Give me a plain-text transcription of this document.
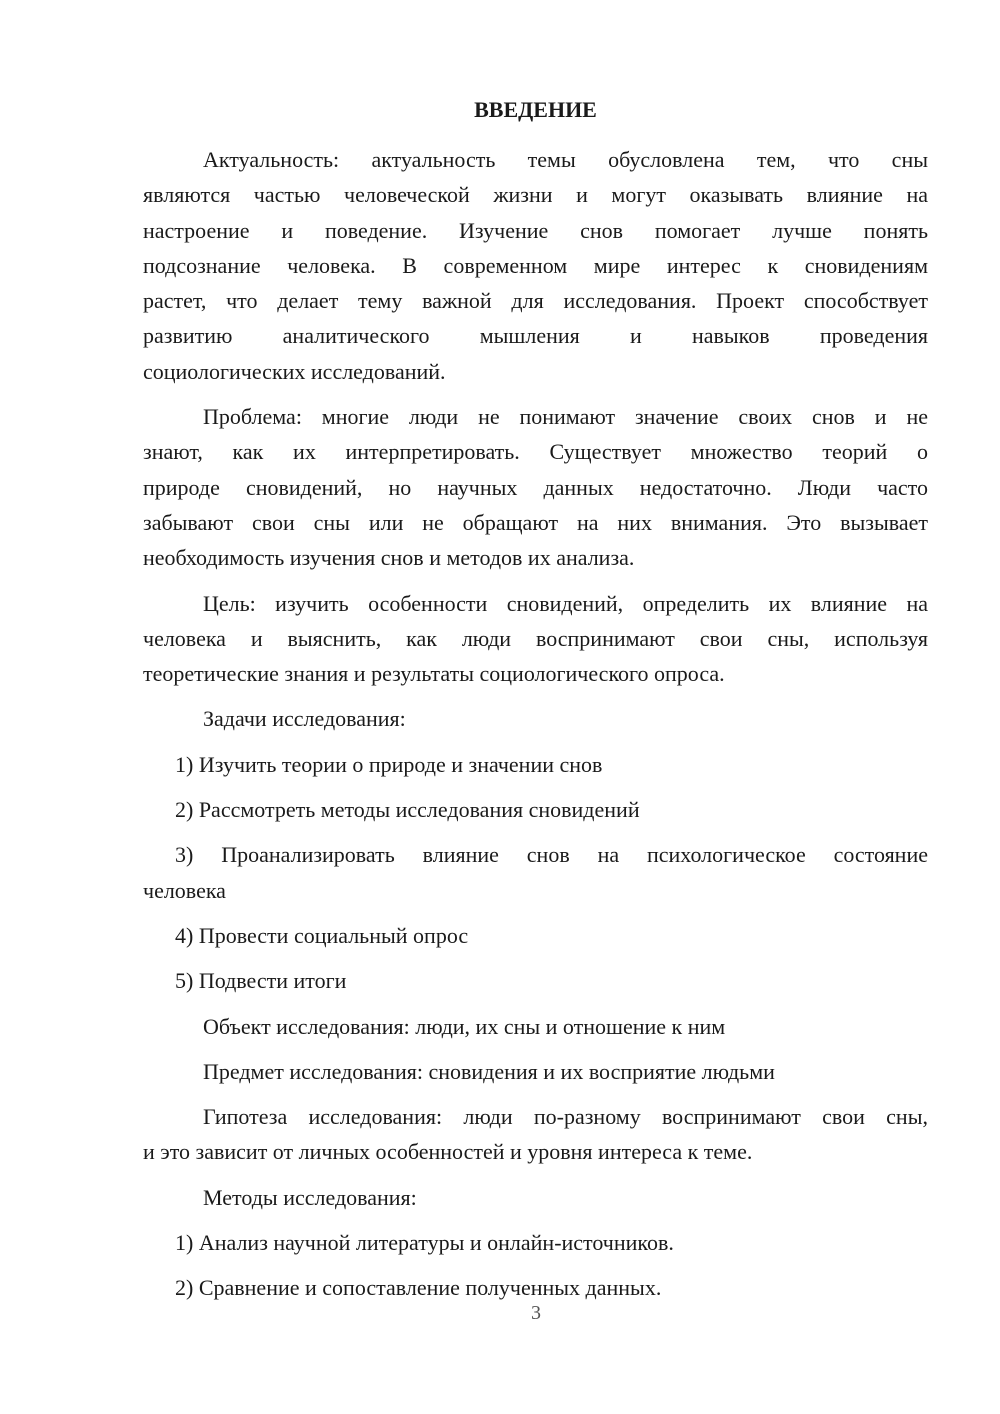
ВВЕДЕНИЕ
Актуальность: актуальность темы обусловлена тем, что сны
являются частью человеческой жизни и могут оказывать влияние на
настроение и поведение. Изучение снов помогает лучше понять
подсознание человека. В современном мире интерес к сновидениям
растет, что делает тему важной для исследования. Проект способствует
развитию аналитического мышления и навыков проведения
социологических исследований.
Проблема: многие люди не понимают значение своих снов и не
знают, как их интерпретировать. Существует множество теорий о
природе сновидений, но научных данных недостаточно. Люди часто
забывают свои сны или не обращают на них внимания. Это вызывает
необходимость изучения снов и методов их анализа.
Цель: изучить особенности сновидений, определить их влияние на
человека и выяснить, как люди воспринимают свои сны, используя
теоретические знания и результаты социологического опроса.
Задачи исследования:
1) Изучить теории о природе и значении снов
2) Рассмотреть методы исследования сновидений
3) Проанализировать влияние снов на психологическое состояние
человека
4) Провести социальный опрос
5) Подвести итоги
Объект исследования: люди, их сны и отношение к ним
Предмет исследования: сновидения и их восприятие людьми
Гипотеза исследования: люди по-разному воспринимают свои сны,
и это зависит от личных особенностей и уровня интереса к теме.
Методы исследования:
1) Анализ научной литературы и онлайн-источников.
2) Сравнение и сопоставление полученных данных.
3
